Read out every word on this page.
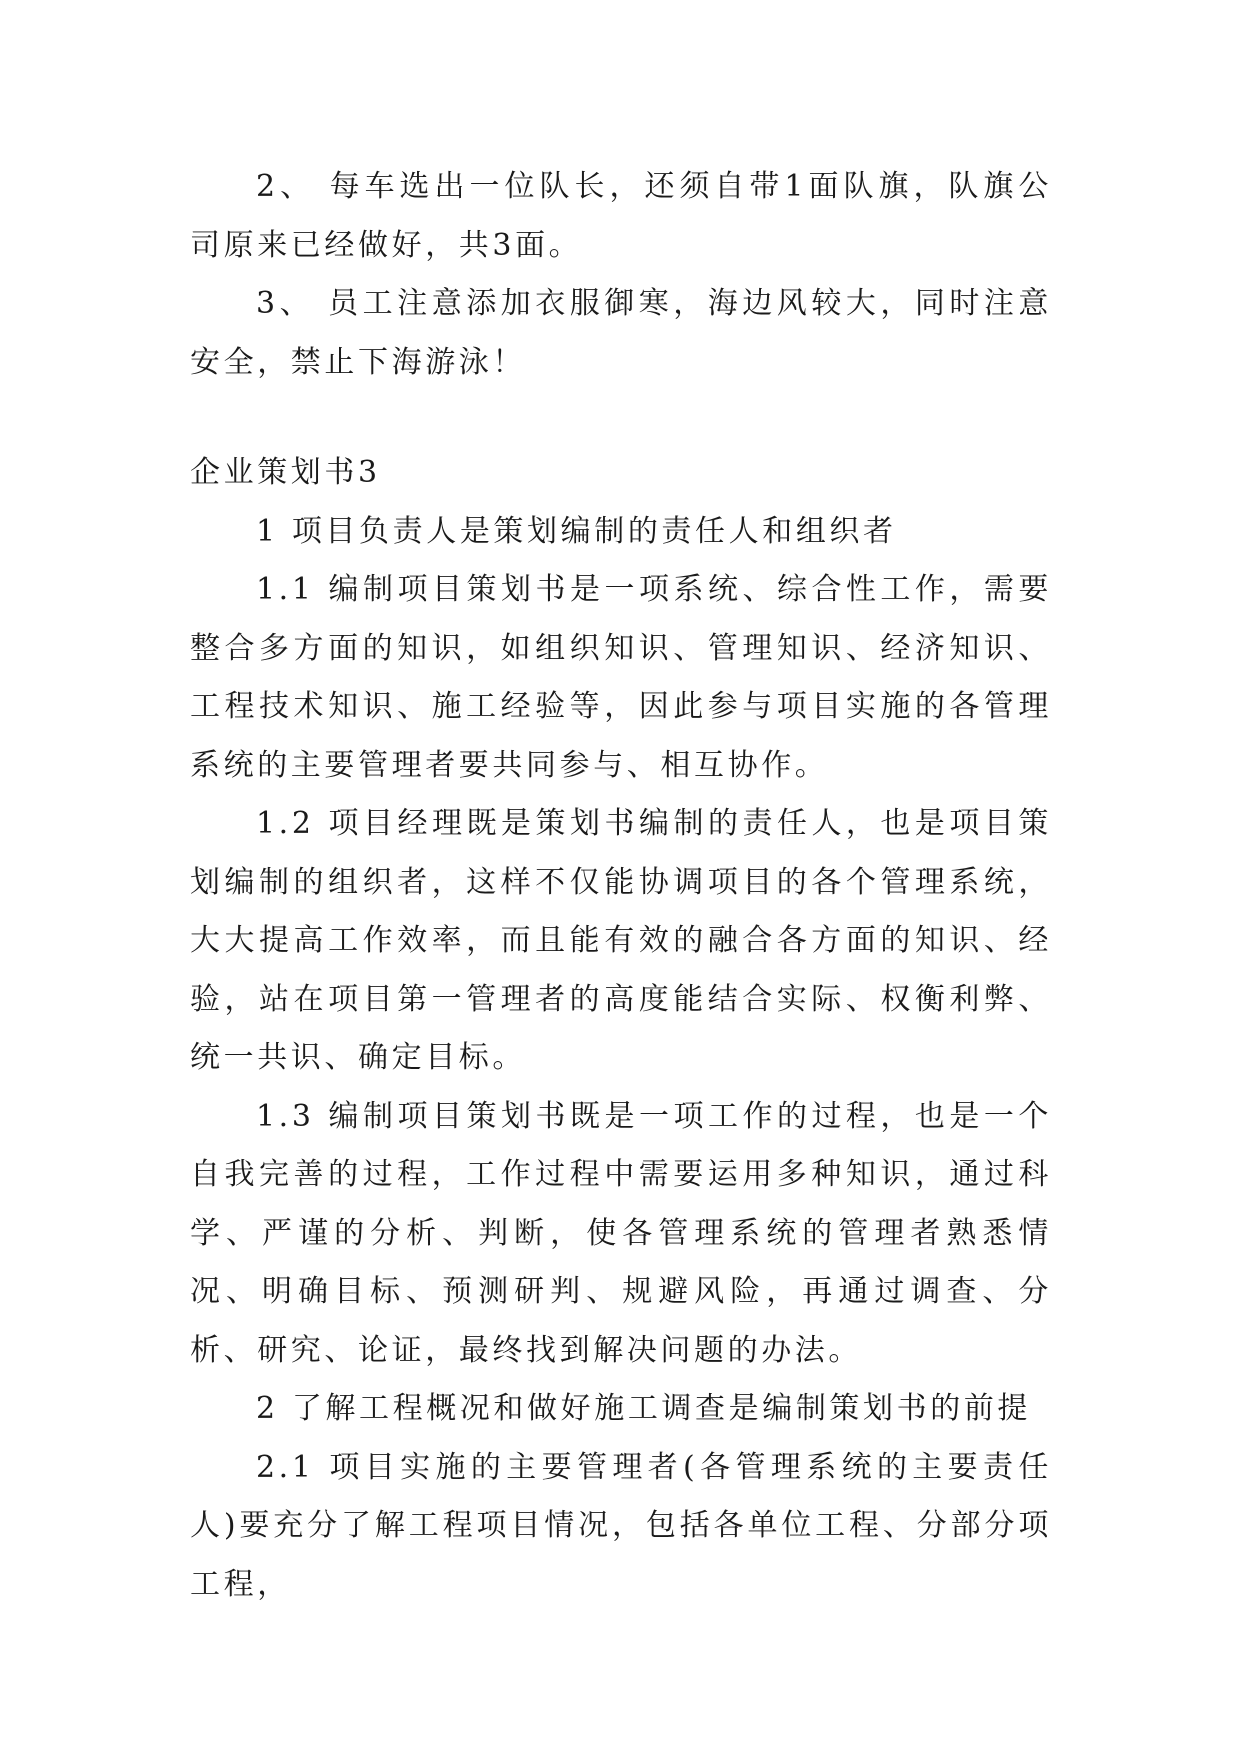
2、 每车选出一位队长，还须自带1面队旗，队旗公司原来已经做好，共3面。

3、 员工注意添加衣服御寒，海边风较大，同时注意安全，禁止下海游泳！

企业策划书3

1 项目负责人是策划编制的责任人和组织者

1.1 编制项目策划书是一项系统、综合性工作，需要整合多方面的知识，如组织知识、管理知识、经济知识、工程技术知识、施工经验等，因此参与项目实施的各管理系统的主要管理者要共同参与、相互协作。

1.2 项目经理既是策划书编制的责任人，也是项目策划编制的组织者，这样不仅能协调项目的各个管理系统，大大提高工作效率，而且能有效的融合各方面的知识、经验，站在项目第一管理者的高度能结合实际、权衡利弊、统一共识、确定目标。

1.3 编制项目策划书既是一项工作的过程，也是一个自我完善的过程，工作过程中需要运用多种知识，通过科学、严谨的分析、判断，使各管理系统的管理者熟悉情况、明确目标、预测研判、规避风险，再通过调查、分析、研究、论证，最终找到解决问题的办法。

2 了解工程概况和做好施工调查是编制策划书的前提

2.1 项目实施的主要管理者(各管理系统的主要责任人)要充分了解工程项目情况，包括各单位工程、分部分项工程，
